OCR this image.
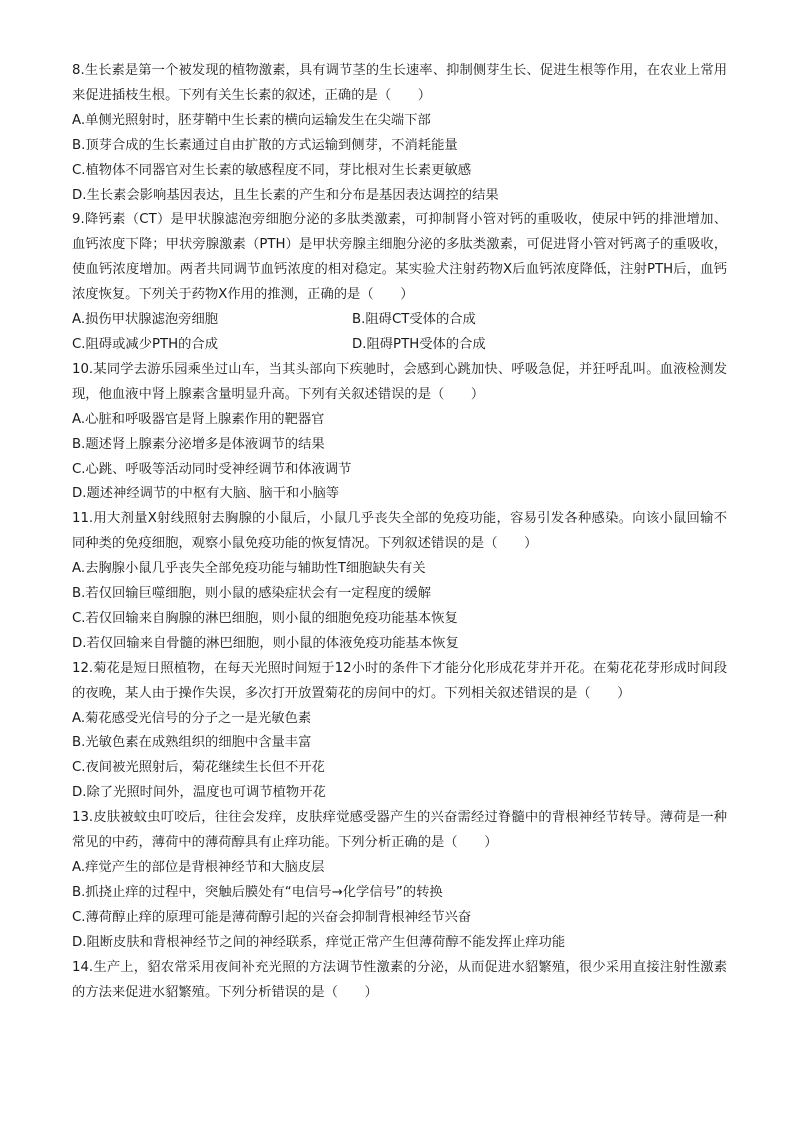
8.生长素是第一个被发现的植物激素，具有调节茎的生长速率、抑制侧芽生长、促进生根等作用，在农业上常用来促进插枝生根。下列有关生长素的叙述，正确的是（　　）

A.单侧光照射时，胚芽鞘中生长素的横向运输发生在尖端下部

B.顶芽合成的生长素通过自由扩散的方式运输到侧芽，不消耗能量

C.植物体不同器官对生长素的敏感程度不同，芽比根对生长素更敏感

D.生长素会影响基因表达，且生长素的产生和分布是基因表达调控的结果

9.降钙素（CT）是甲状腺滤泡旁细胞分泌的多肽类激素，可抑制肾小管对钙的重吸收，使尿中钙的排泄增加、血钙浓度下降；甲状旁腺激素（PTH）是甲状旁腺主细胞分泌的多肽类激素，可促进肾小管对钙离子的重吸收，使血钙浓度增加。两者共同调节血钙浓度的相对稳定。某实验犬注射药物X后血钙浓度降低，注射PTH后，血钙浓度恢复。下列关于药物X作用的推测，正确的是（　　）

A.损伤甲状腺滤泡旁细胞	B.阻碍CT受体的合成

C.阻碍或减少PTH的合成	D.阻碍PTH受体的合成

10.某同学去游乐园乘坐过山车，当其头部向下疾驰时，会感到心跳加快、呼吸急促，并狂呼乱叫。血液检测发现，他血液中肾上腺素含量明显升高。下列有关叙述错误的是（　　）

A.心脏和呼吸器官是肾上腺素作用的靶器官

B.题述肾上腺素分泌增多是体液调节的结果

C.心跳、呼吸等活动同时受神经调节和体液调节

D.题述神经调节的中枢有大脑、脑干和小脑等

11.用大剂量X射线照射去胸腺的小鼠后，小鼠几乎丧失全部的免疫功能，容易引发各种感染。向该小鼠回输不同种类的免疫细胞，观察小鼠免疫功能的恢复情况。下列叙述错误的是（　　）

A.去胸腺小鼠几乎丧失全部免疫功能与辅助性T细胞缺失有关

B.若仅回输巨噬细胞，则小鼠的感染症状会有一定程度的缓解

C.若仅回输来自胸腺的淋巴细胞，则小鼠的细胞免疫功能基本恢复

D.若仅回输来自骨髓的淋巴细胞，则小鼠的体液免疫功能基本恢复

12.菊花是短日照植物，在每天光照时间短于12小时的条件下才能分化形成花芽并开花。在菊花花芽形成时间段的夜晚，某人由于操作失误，多次打开放置菊花的房间中的灯。下列相关叙述错误的是（　　）

A.菊花感受光信号的分子之一是光敏色素

B.光敏色素在成熟组织的细胞中含量丰富

C.夜间被光照射后，菊花继续生长但不开花

D.除了光照时间外，温度也可调节植物开花

13.皮肤被蚊虫叮咬后，往往会发痒，皮肤痒觉感受器产生的兴奋需经过脊髓中的背根神经节转导。薄荷是一种常见的中药，薄荷中的薄荷醇具有止痒功能。下列分析正确的是（　　）

A.痒觉产生的部位是背根神经节和大脑皮层

B.抓挠止痒的过程中，突触后膜处有“电信号→化学信号”的转换

C.薄荷醇止痒的原理可能是薄荷醇引起的兴奋会抑制背根神经节兴奋

D.阻断皮肤和背根神经节之间的神经联系，痒觉正常产生但薄荷醇不能发挥止痒功能

14.生产上，貂农常采用夜间补充光照的方法调节性激素的分泌，从而促进水貂繁殖，很少采用直接注射性激素的方法来促进水貂繁殖。下列分析错误的是（　　）
